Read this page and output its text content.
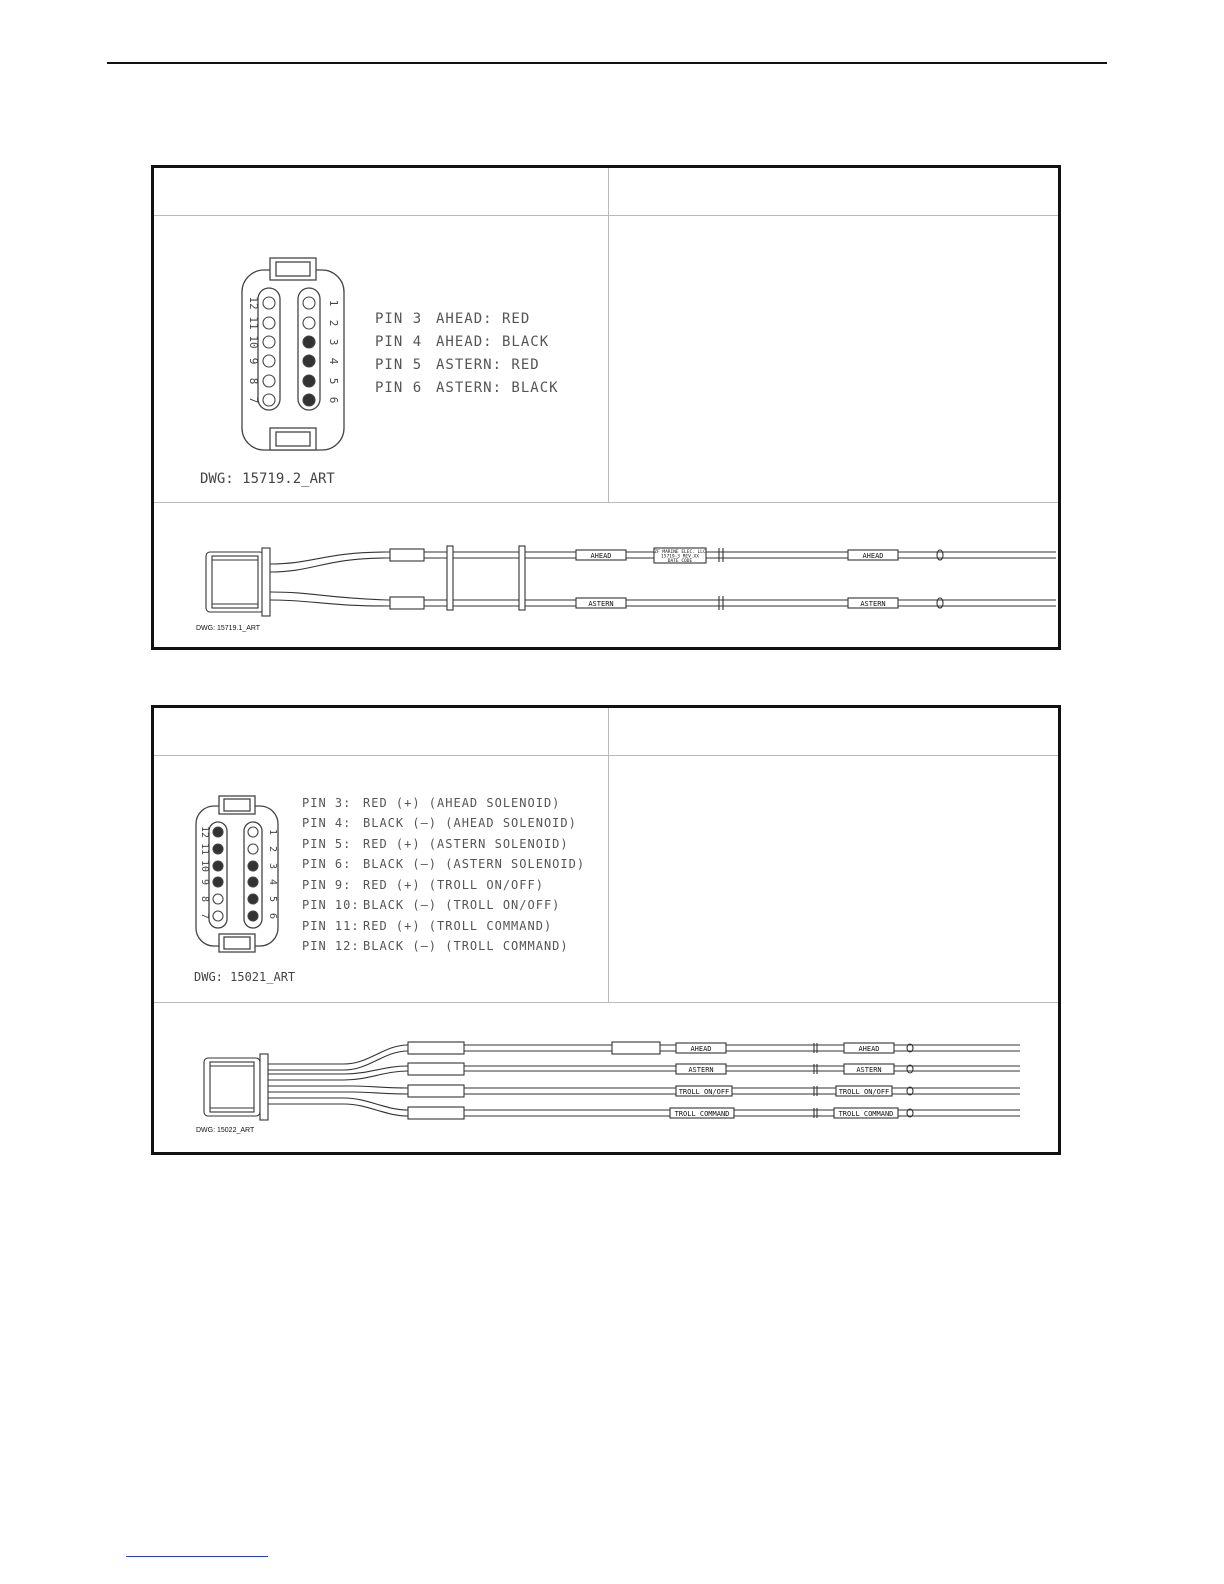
1
2
3
4
5
6
12
11
10
9
8
7
PIN 3 AHEAD: RED
PIN 4 AHEAD: BLACK
PIN 5 ASTERN: RED
PIN 6 ASTERN: BLACK
DWG: 15719.2_ART
AHEAD	AHEAD
ASTERN	ASTERN
ZF MARINE ELEC. LLC
15719-3 REV.XX
DATE CODE
DWG: 15719.1_ART
1
2
3
4
5
6
12
11
10
9
8
7
PIN 3: RED (+) (AHEAD SOLENOID)
PIN 4: BLACK (–) (AHEAD SOLENOID)
PIN 5: RED (+) (ASTERN SOLENOID)
PIN 6: BLACK (–) (ASTERN SOLENOID)
PIN 9: RED (+) (TROLL ON/OFF)
PIN 10: BLACK (–) (TROLL ON/OFF)
PIN 11: RED (+) (TROLL COMMAND)
PIN 12: BLACK (–) (TROLL COMMAND)
DWG: 15021_ART
AHEAD	AHEAD
ASTERN	ASTERN
TROLL ON/OFF	TROLL ON/OFF
TROLL COMMAND	TROLL COMMAND
DWG: 15022_ART
